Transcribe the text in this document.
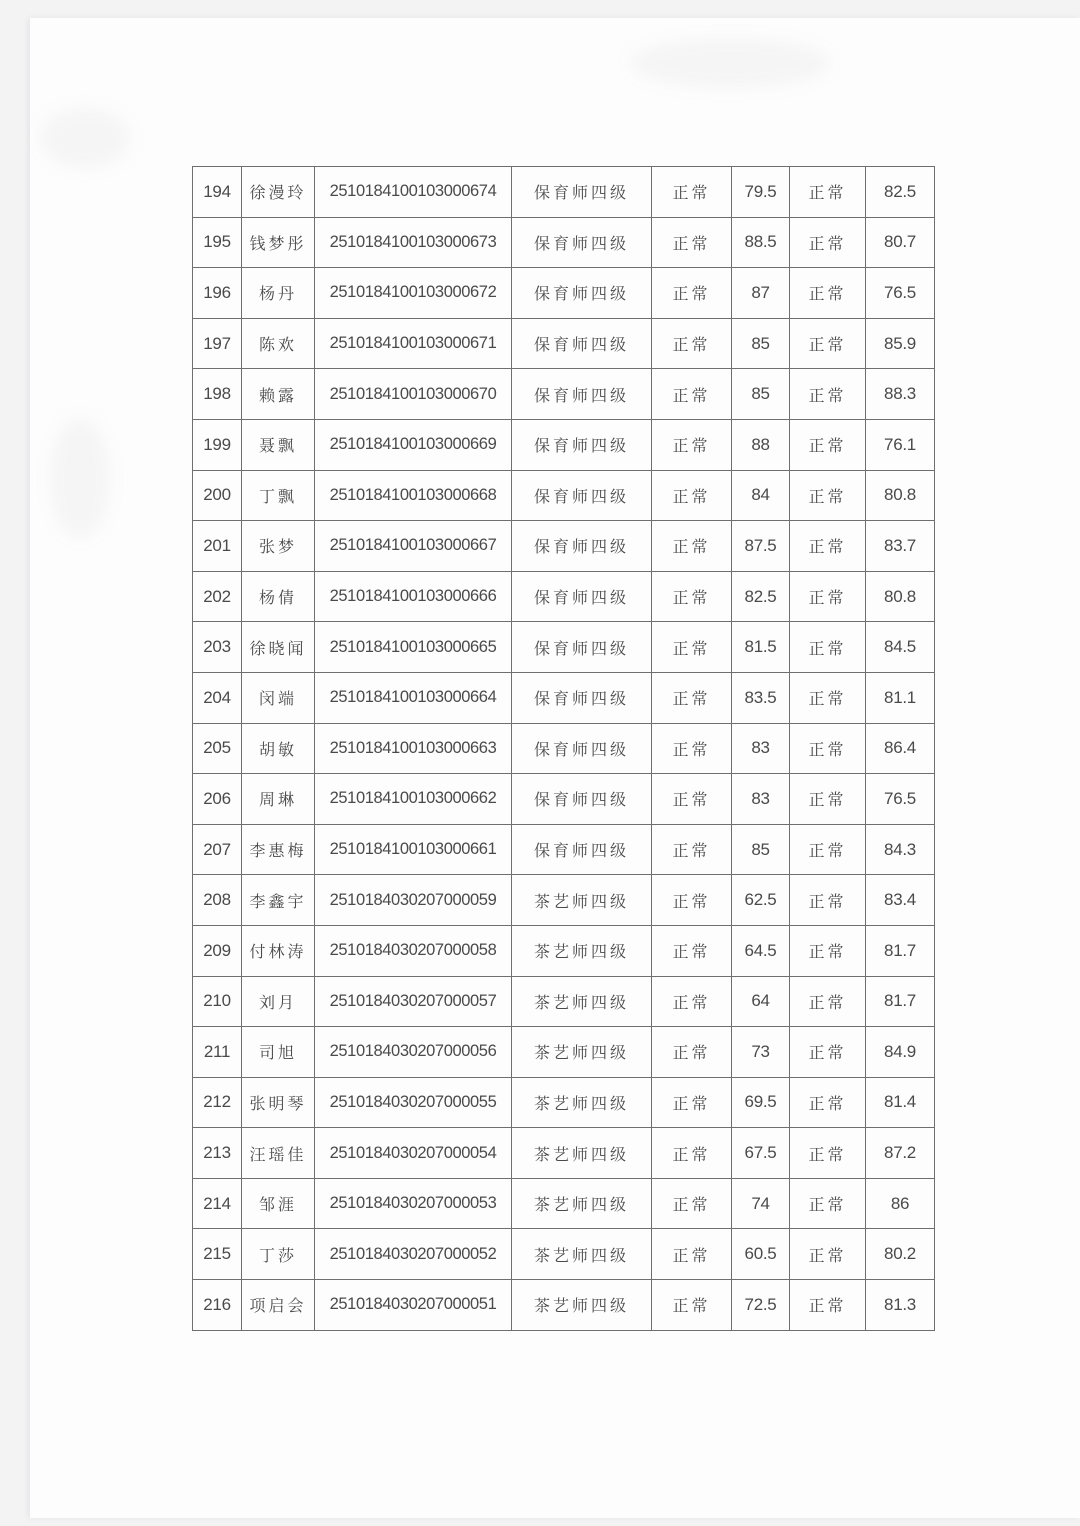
194	徐漫玲	2510184100103000674	保育师四级	正常	79.5	正常	82.5
195	钱梦彤	2510184100103000673	保育师四级	正常	88.5	正常	80.7
196	杨丹	2510184100103000672	保育师四级	正常	87	正常	76.5
197	陈欢	2510184100103000671	保育师四级	正常	85	正常	85.9
198	赖露	2510184100103000670	保育师四级	正常	85	正常	88.3
199	聂飘	2510184100103000669	保育师四级	正常	88	正常	76.1
200	丁飘	2510184100103000668	保育师四级	正常	84	正常	80.8
201	张梦	2510184100103000667	保育师四级	正常	87.5	正常	83.7
202	杨倩	2510184100103000666	保育师四级	正常	82.5	正常	80.8
203	徐晓闻	2510184100103000665	保育师四级	正常	81.5	正常	84.5
204	闵端	2510184100103000664	保育师四级	正常	83.5	正常	81.1
205	胡敏	2510184100103000663	保育师四级	正常	83	正常	86.4
206	周琳	2510184100103000662	保育师四级	正常	83	正常	76.5
207	李惠梅	2510184100103000661	保育师四级	正常	85	正常	84.3
208	李鑫宇	2510184030207000059	茶艺师四级	正常	62.5	正常	83.4
209	付林涛	2510184030207000058	茶艺师四级	正常	64.5	正常	81.7
210	刘月	2510184030207000057	茶艺师四级	正常	64	正常	81.7
211	司旭	2510184030207000056	茶艺师四级	正常	73	正常	84.9
212	张明琴	2510184030207000055	茶艺师四级	正常	69.5	正常	81.4
213	汪瑶佳	2510184030207000054	茶艺师四级	正常	67.5	正常	87.2
214	邹涯	2510184030207000053	茶艺师四级	正常	74	正常	86
215	丁莎	2510184030207000052	茶艺师四级	正常	60.5	正常	80.2
216	项启会	2510184030207000051	茶艺师四级	正常	72.5	正常	81.3
